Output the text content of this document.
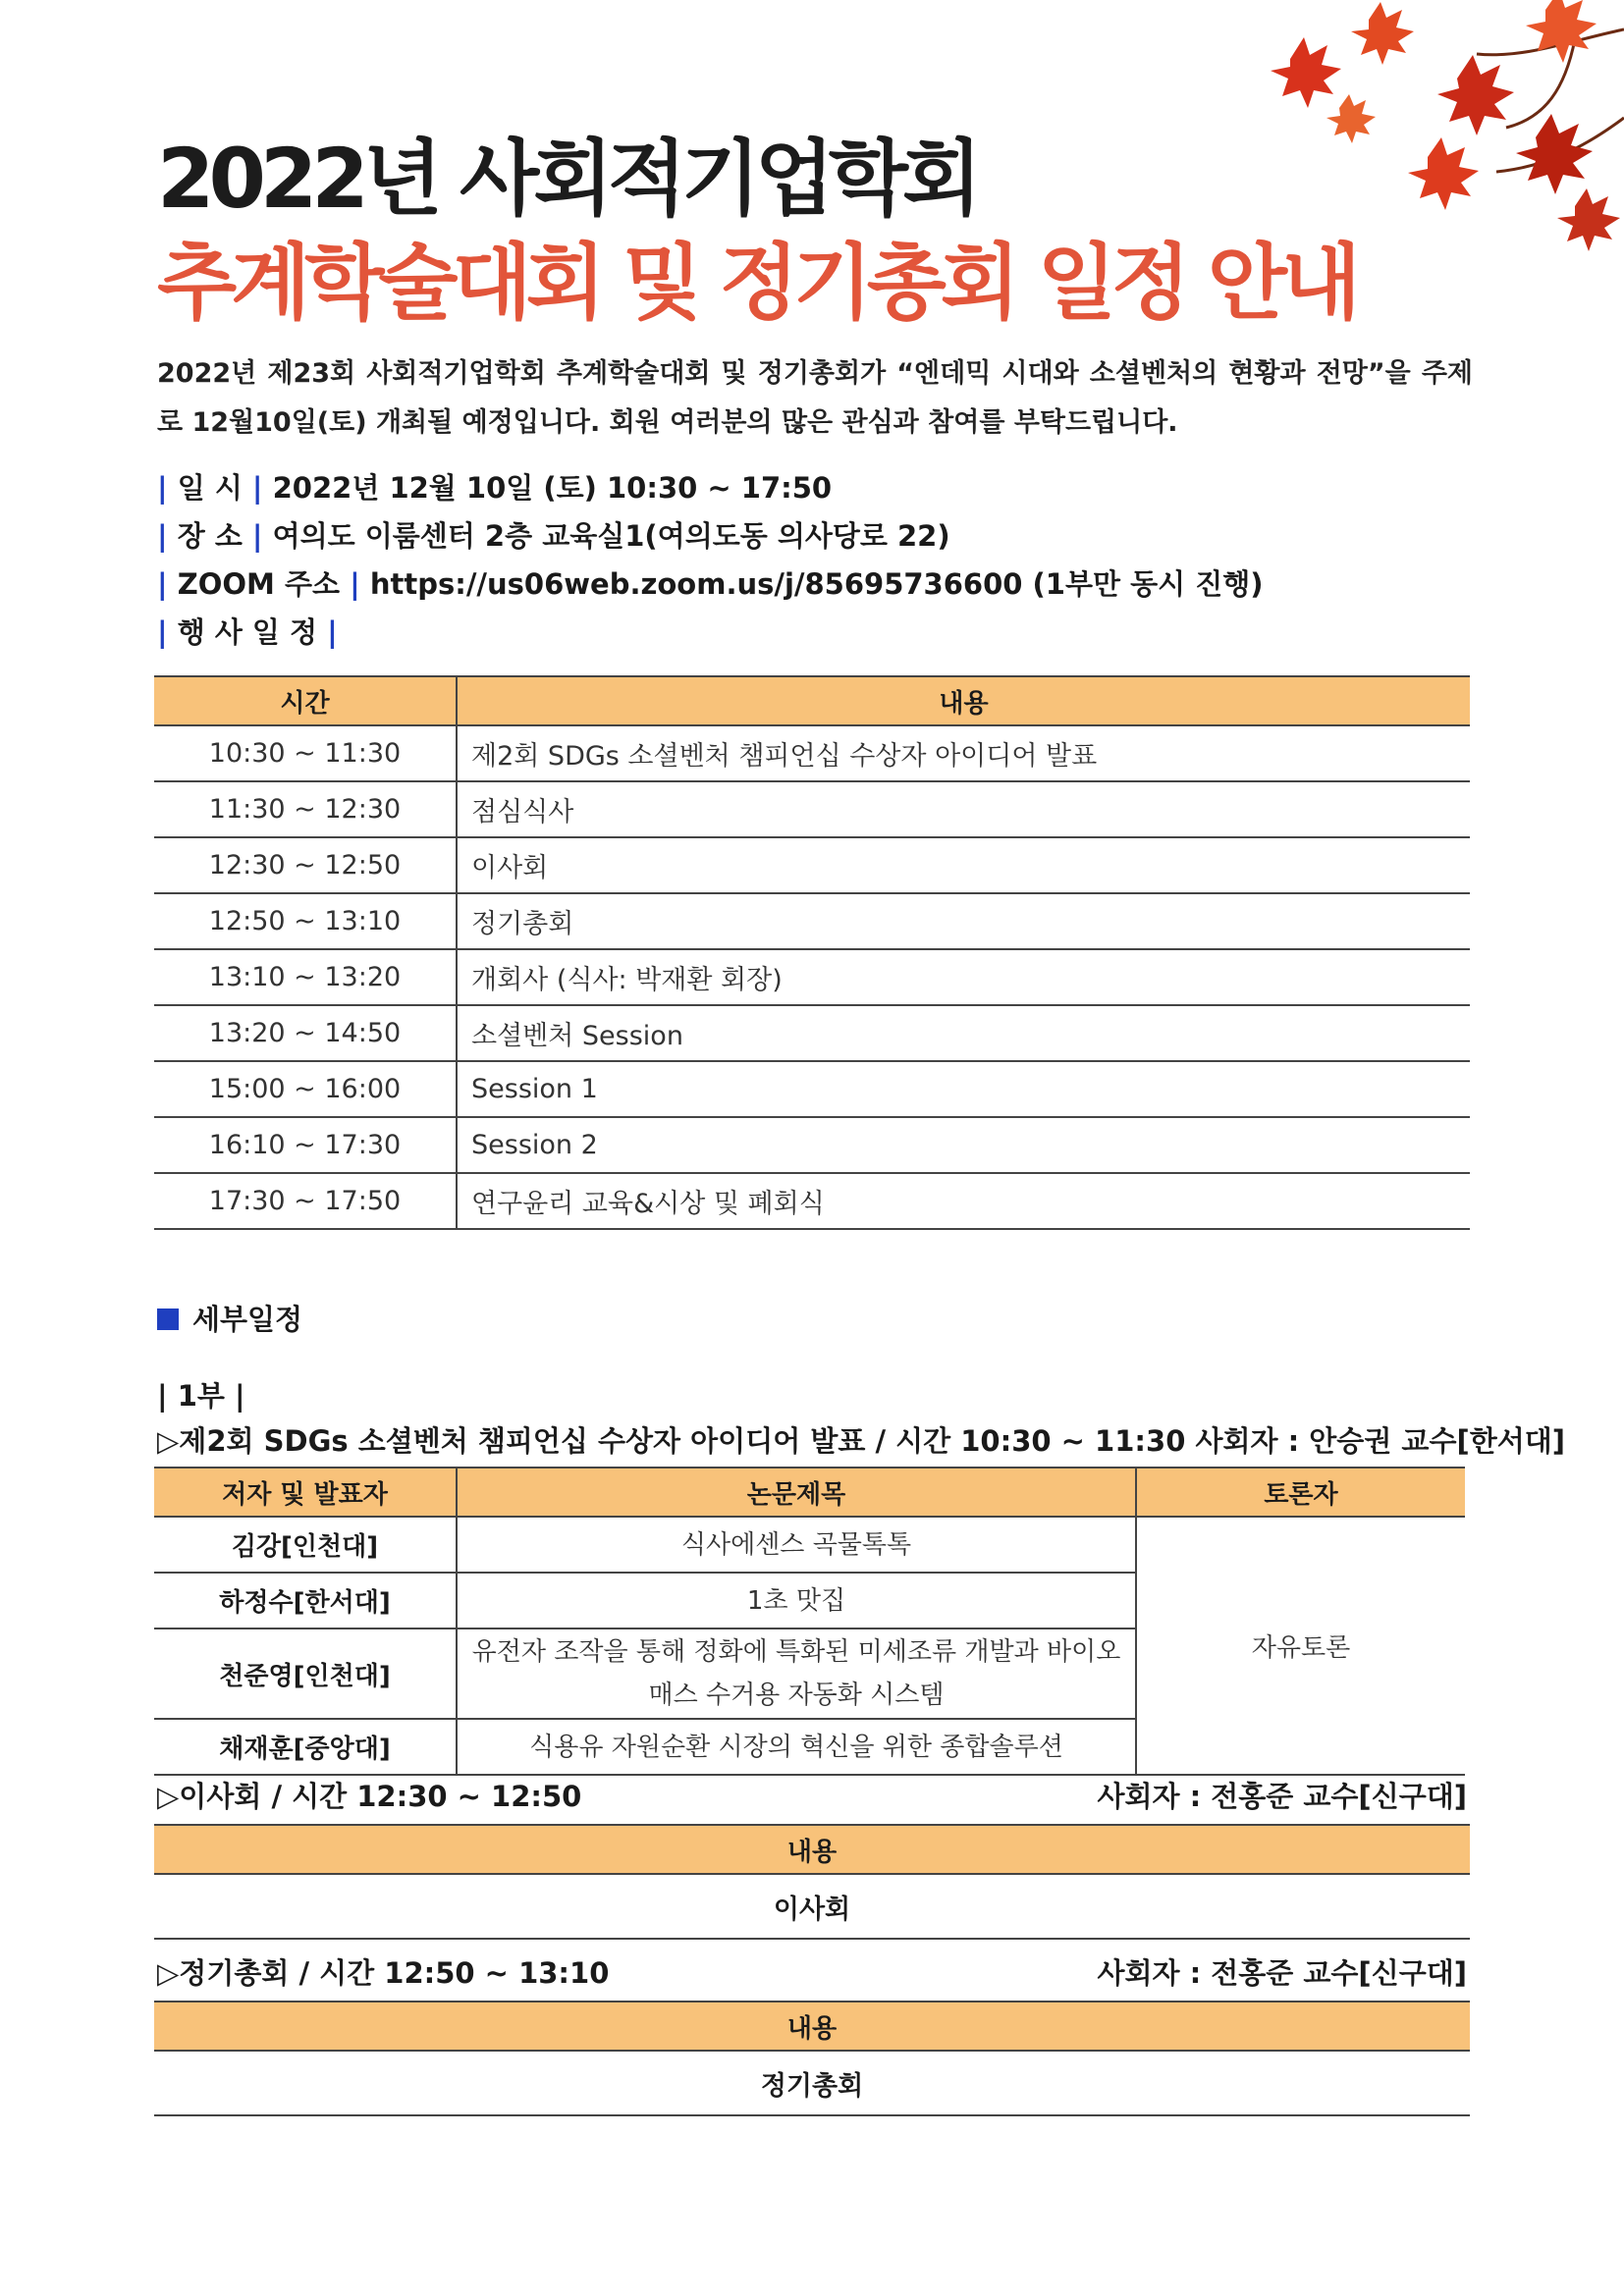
2022년 사회적기업학회
추계학술대회 및 정기총회 일정 안내
2022년 제23회 사회적기업학회 추계학술대회 및 정기총회가 “엔데믹 시대와 소셜벤처의 현황과 전망”을 주제로 12월10일(토) 개최될 예정입니다. 회원 여러분의 많은 관심과 참여를 부탁드립니다.
| 일 시 | 2022년 12월 10일 (토) 10:30 ~ 17:50
| 장 소 | 여의도 이룸센터 2층 교육실1(여의도동 의사당로 22)
| ZOOM 주소 | https://us06web.zoom.us/j/85695736600 (1부만 동시 진행)
| 행 사 일 정 |
시간	내용
10:30 ~ 11:30	제2회 SDGs 소셜벤처 챔피언십 수상자 아이디어 발표
11:30 ~ 12:30	점심식사
12:30 ~ 12:50	이사회
12:50 ~ 13:10	정기총회
13:10 ~ 13:20	개회사 (식사: 박재환 회장)
13:20 ~ 14:50	소셜벤처 Session
15:00 ~ 16:00	Session 1
16:10 ~ 17:30	Session 2
17:30 ~ 17:50	연구윤리 교육&시상 및 폐회식
세부일정
| 1부 |
▷제2회 SDGs 소셜벤처 챔피언십 수상자 아이디어 발표 / 시간 10:30 ~ 11:30 사회자 : 안승권 교수[한서대]
저자 및 발표자	논문제목	토론자
김강[인천대]	식사에센스 곡물톡톡	자유토론
하정수[한서대]	1초 맛집	
천준영[인천대]	유전자 조작을 통해 정화에 특화된 미세조류 개발과 바이오
매스 수거용 자동화 시스템	

채재훈[중앙대]	식용유 자원순환 시장의 혁신을 위한 종합솔루션	
▷이사회 / 시간 12:30 ~ 12:50	사회자 : 전홍준 교수[신구대]
내용
이사회
▷정기총회 / 시간 12:50 ~ 13:10	사회자 : 전홍준 교수[신구대]
내용
정기총회
